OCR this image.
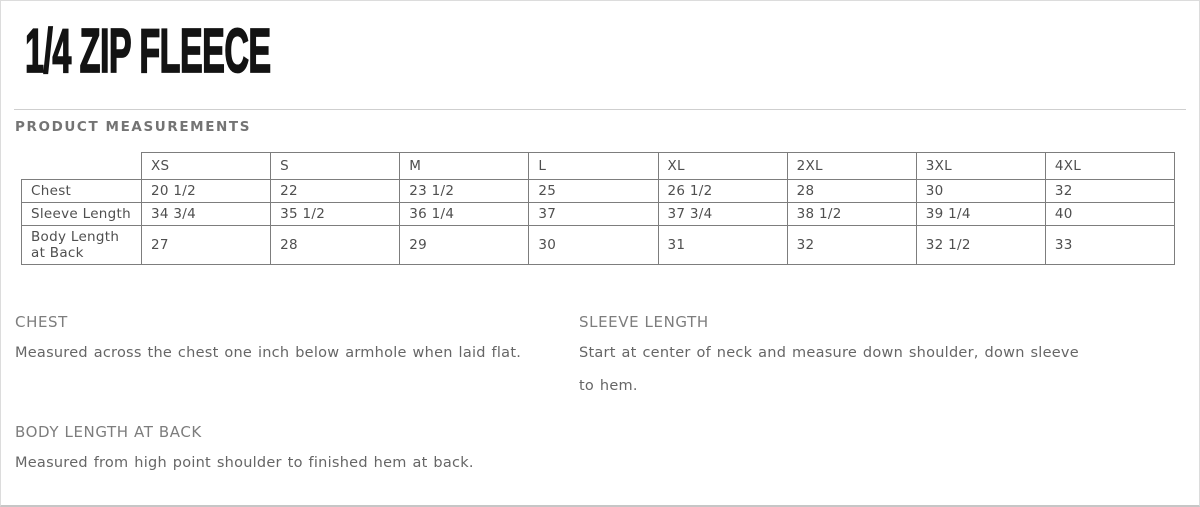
1/4 ZIP FLEECE
PRODUCT MEASUREMENTS
	XS	S	M	L	XL	2XL	3XL	4XL
Chest	20 1/2	22	23 1/2	25	26 1/2	28	30	32
Sleeve Length	34 3/4	35 1/2	36 1/4	37	37 3/4	38 1/2	39 1/4	40
Body Length at Back	27	28	29	30	31	32	32 1/2	33
CHEST

Measured across the chest one inch below armhole when laid flat.

SLEEVE LENGTH

Start at center of neck and measure down shoulder, down sleeve to hem.

BODY LENGTH AT BACK

Measured from high point shoulder to finished hem at back.
